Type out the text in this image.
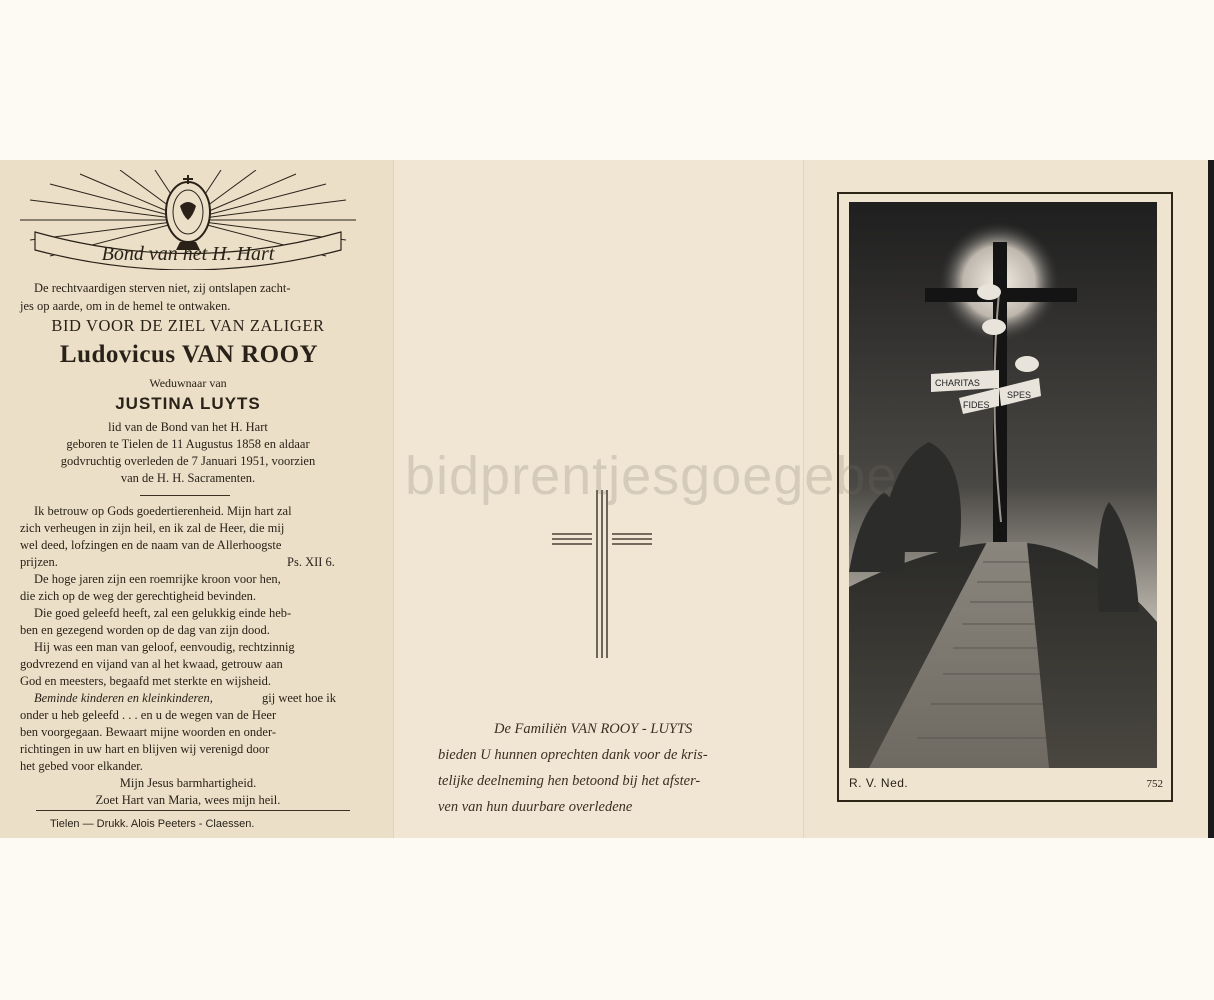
Bond van het H. Hart
De rechtvaardigen sterven niet, zij ontslapen zacht-
jes op aarde, om in de hemel te ontwaken.
BID VOOR DE ZIEL VAN ZALIGER
Ludovicus VAN ROOY
Weduwnaar van
JUSTINA LUYTS
lid van de Bond van het H. Hart
geboren te Tielen de 11 Augustus 1858 en aldaar
godvruchtig overleden de 7 Januari 1951, voorzien
van de H. H. Sacramenten.
Ik betrouw op Gods goedertierenheid. Mijn hart zal
zich verheugen in zijn heil, en ik zal de Heer, die mij
wel deed, lofzingen en de naam van de Allerhoogste
prijzen.	Ps. XII 6.
De hoge jaren zijn een roemrijke kroon voor hen,
die zich op de weg der gerechtigheid bevinden.
Die goed geleefd heeft, zal een gelukkig einde heb-
ben en gezegend worden op de dag van zijn dood.
Hij was een man van geloof, eenvoudig, rechtzinnig
godvrezend en vijand van al het kwaad, getrouw aan
God en meesters, begaafd met sterkte en wijsheid.
Beminde kinderen en kleinkinderen,	gij weet hoe ik
onder u heb geleefd . . . en u de wegen van de Heer
ben voorgegaan. Bewaart mijne woorden en onder-
richtingen in uw hart en blijven wij verenigd door
het gebed voor elkander.
Mijn Jesus barmhartigheid.
Zoet Hart van Maria, wees mijn heil.
Tielen — Drukk. Alois Peeters - Claessen.
De Familiën VAN ROOY - LUYTS
bieden U hunnen oprechten dank voor de kris-
telijke deelneming hen betoond bij het afster-
ven van hun duurbare overledene
CHARITAS
FIDES
SPES
R. V. Ned.	752
bidprentjesgoegebe
